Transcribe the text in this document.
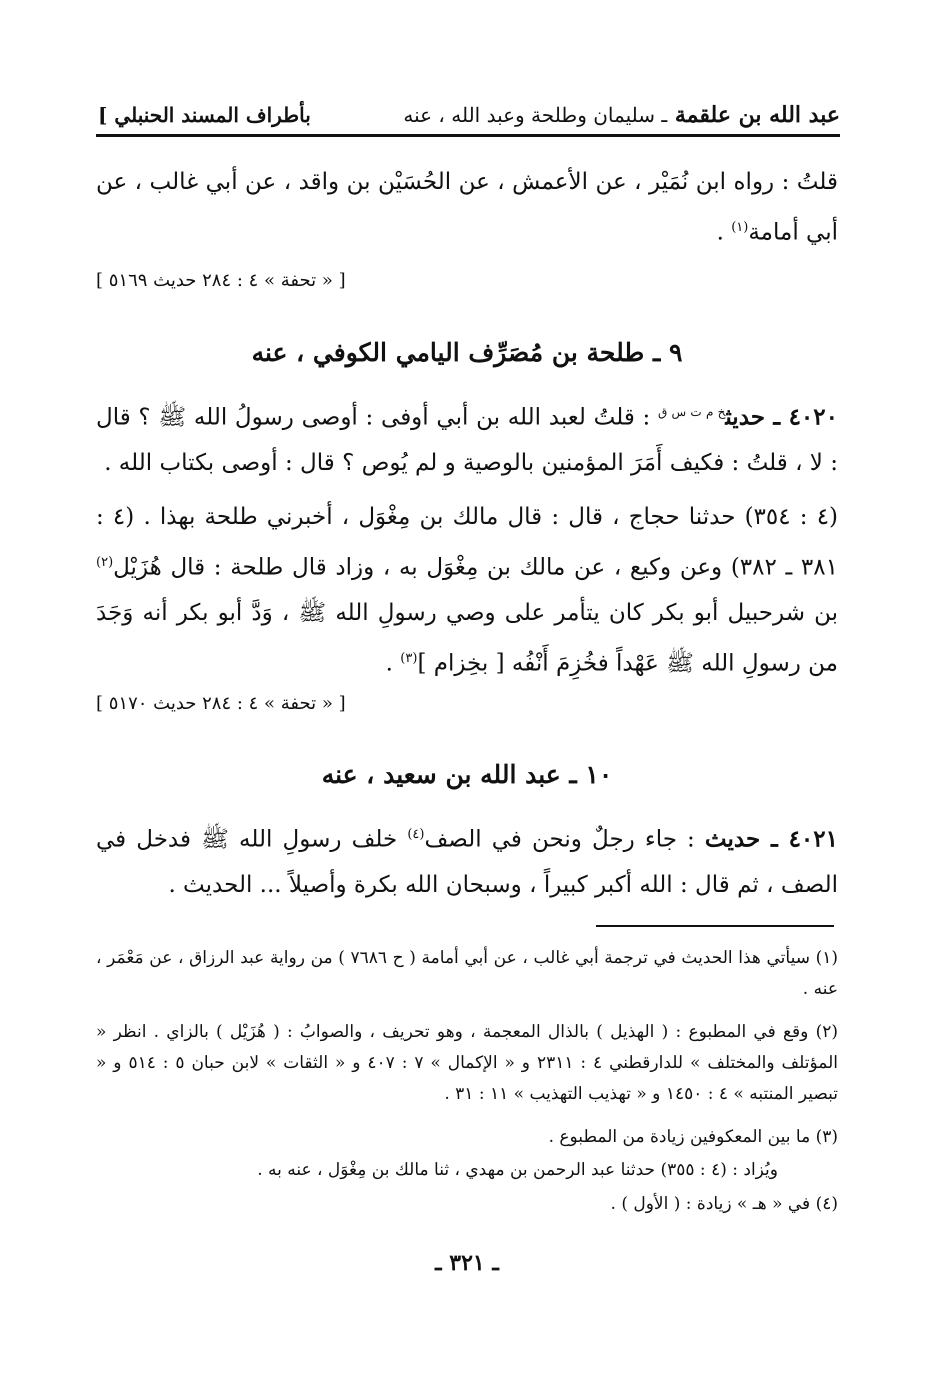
بأطراف المسند الحنبلي ]	عبد الله بن علقمة ـ سليمان وطلحة وعبد الله ، عنه
قلتُ : رواه ابن نُمَيْر ، عن الأعمش ، عن الحُسَيْن بن واقد ، عن أبي غالب ، عن أبي أمامة$^{(١)}$ .
[ « تحفة » ٤ : ٢٨٤ حديث ٥١٦٩ ]
٩ ـ طلحة بن مُصَرِّف اليامي الكوفي ، عنه
٤٠٢٠ ـ حديث$^{خ م ت س ق}$ : قلتُ لعبد الله بن أبي أوفى : أوصى رسولُ الله ﷺ ؟ قال : لا ، قلتُ : فكيف أَمَرَ المؤمنين بالوصية و لم يُوص ؟ قال : أوصى بكتاب الله .
(٤ : ٣٥٤) حدثنا حجاج ، قال : قال مالك بن مِغْوَل ، أخبرني طلحة بهذا . (٤ : ٣٨١ ـ ٣٨٢) وعن وكيع ، عن مالك بن مِغْوَل به ، وزاد قال طلحة : قال هُزَيْل$^{(٢)}$ بن شرحبيل أبو بكر كان يتأمر على وصي رسولِ الله ﷺ ، وَدَّ أبو بكر أنه وَجَدَ من رسولِ الله ﷺ عَهْداً فخُزِمَ أَنْفُه [ بخِزام ]$^{(٣)}$ .
[ « تحفة » ٤ : ٢٨٤ حديث ٥١٧٠ ]
١٠ ـ عبد الله بن سعيد ، عنه
٤٠٢١ ـ حديث : جاء رجلٌ ونحن في الصف$^{(٤)}$ خلف رسولِ الله ﷺ فدخل في الصف ، ثم قال : الله أكبر كبيراً ، وسبحان الله بكرة وأصيلاً ... الحديث .
(١) سيأتي هذا الحديث في ترجمة أبي غالب ، عن أبي أمامة ( ح ٧٦٨٦ ) من رواية عبد الرزاق ، عن مَعْمَر ، عنه .
(٢) وقع في المطبوع : ( الهذيل ) بالذال المعجمة ، وهو تحريف ، والصوابُ : ( هُزَيْل ) بالزاي . انظر « المؤتلف والمختلف » للدارقطني ٤ : ٢٣١١ و « الإكمال » ٧ : ٤٠٧ و « الثقات » لابن حبان ٥ : ٥١٤ و « تبصير المنتبه » ٤ : ١٤٥٠ و « تهذيب التهذيب » ١١ : ٣١ .
(٣) ما بين المعكوفين زيادة من المطبوع .
ويُزاد : (٤ : ٣٥٥) حدثنا عبد الرحمن بن مهدي ، ثنا مالك بن مِغْوَل ، عنه به .
(٤) في « هـ » زيادة : ( الأول ) .
ـ ٣٢١ ـ
